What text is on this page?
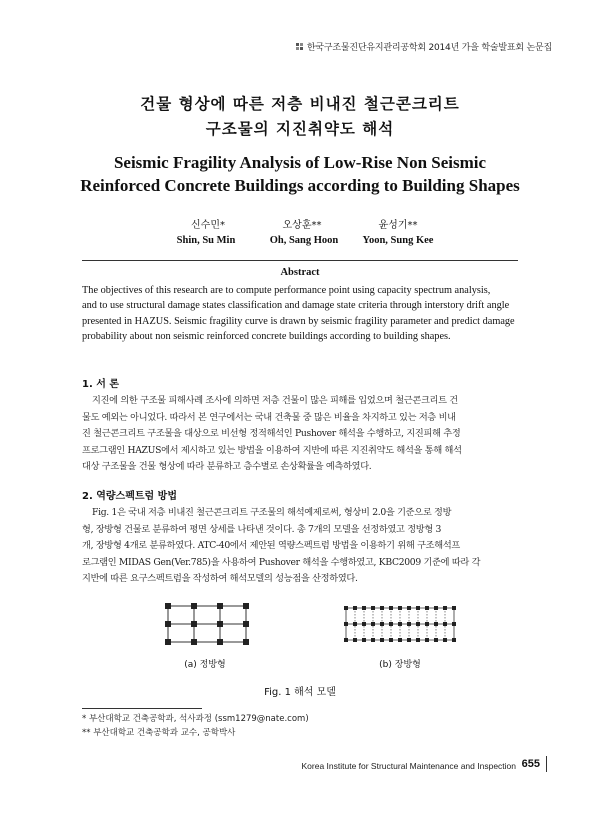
한국구조물진단유지관리공학회 2014년 가을 학술발표회 논문집
건물 형상에 따른 저층 비내진 철근콘크리트
구조물의 지진취약도 해석
Seismic Fragility Analysis of Low-Rise Non Seismic
Reinforced Concrete Buildings according to Building Shapes
신수민*	오상훈**	윤성기**
Shin, Su Min	Oh, Sang Hoon	Yoon, Sung Kee
Abstract
The objectives of this research are to compute performance point using capacity spectrum analysis,
and to use structural damage states classification and damage state criteria through interstory drift angle
presented in HAZUS. Seismic fragility curve is drawn by seismic fragility parameter and predict damage
probability about non seismic reinforced concrete buildings according to building shapes.
1. 서 론
지진에 의한 구조물 피해사례 조사에 의하면 저층 건물이 많은 피해를 입었으며 철근콘크리트 건
물도 예외는 아니었다. 따라서 본 연구에서는 국내 건축물 중 많은 비율을 차지하고 있는 저층 비내
진 철근콘크리트 구조물을 대상으로 비선형 정적해석인 Pushover 해석을 수행하고, 지진피해 추정
프로그램인 HAZUS에서 제시하고 있는 방법을 이용하여 지반에 따른 지진취약도 해석을 통해 해석
대상 구조물을 건물 형상에 따라 분류하고 층수별로 손상확률을 예측하였다.
2. 역량스펙트럼 방법
Fig. 1은 국내 저층 비내진 철근콘크리트 구조물의 해석예제로써, 형상비 2.0을 기준으로 정방
형, 장방형 건물로 분류하여 평면 상세를 나타낸 것이다. 총 7개의 모델을 선정하였고 정방형 3
개, 장방형 4개로 분류하였다. ATC-40에서 제안된 역량스펙트럼 방법을 이용하기 위해 구조해석프
로그램인 MIDAS Gen(Ver.785)을 사용하여 Pushover 해석을 수행하였고, KBC2009 기준에 따라 각
지반에 따른 요구스펙트럼을 작성하여 해석모델의 성능점을 산정하였다.
(a) 정방형	(b) 장방형
Fig. 1 해석 모델
* 부산대학교 건축공학과, 석사과정 (ssm1279@nate.com)
** 부산대학교 건축공학과 교수, 공학박사
Korea Institute for Structural Maintenance and Inspection 655
